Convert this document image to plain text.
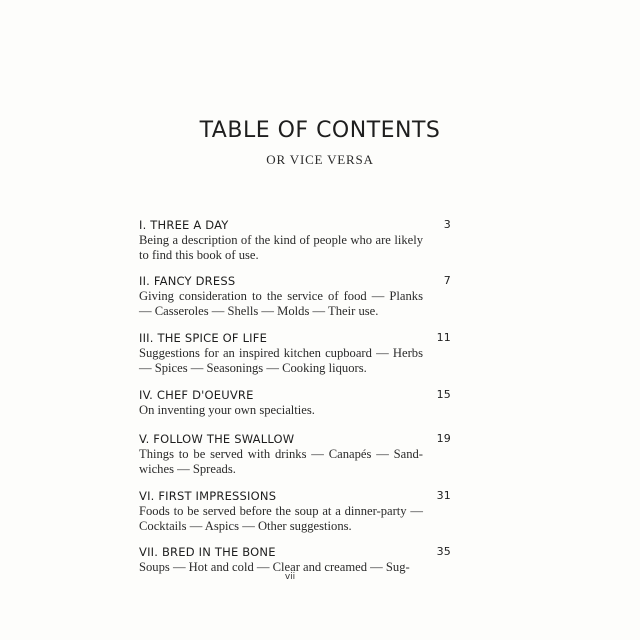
TABLE OF CONTENTS
OR VICE VERSA
I. THREE A DAY	3
Being a description of the kind of people who are likely to find this book of use.
II. FANCY DRESS	7
Giving consideration to the service of food — Planks — Casseroles — Shells — Molds — Their use.
III. THE SPICE OF LIFE	11
Suggestions for an inspired kitchen cupboard — Herbs — Spices — Seasonings — Cooking liquors.
IV. CHEF D'OEUVRE	15
On inventing your own specialties.
V. FOLLOW THE SWALLOW	19
Things to be served with drinks — Canapés — Sand-wiches — Spreads.
VI. FIRST IMPRESSIONS	31
Foods to be served before the soup at a dinner-party — Cocktails — Aspics — Other suggestions.
VII. BRED IN THE BONE	35
Soups — Hot and cold — Clear and creamed — Sug-
vii
